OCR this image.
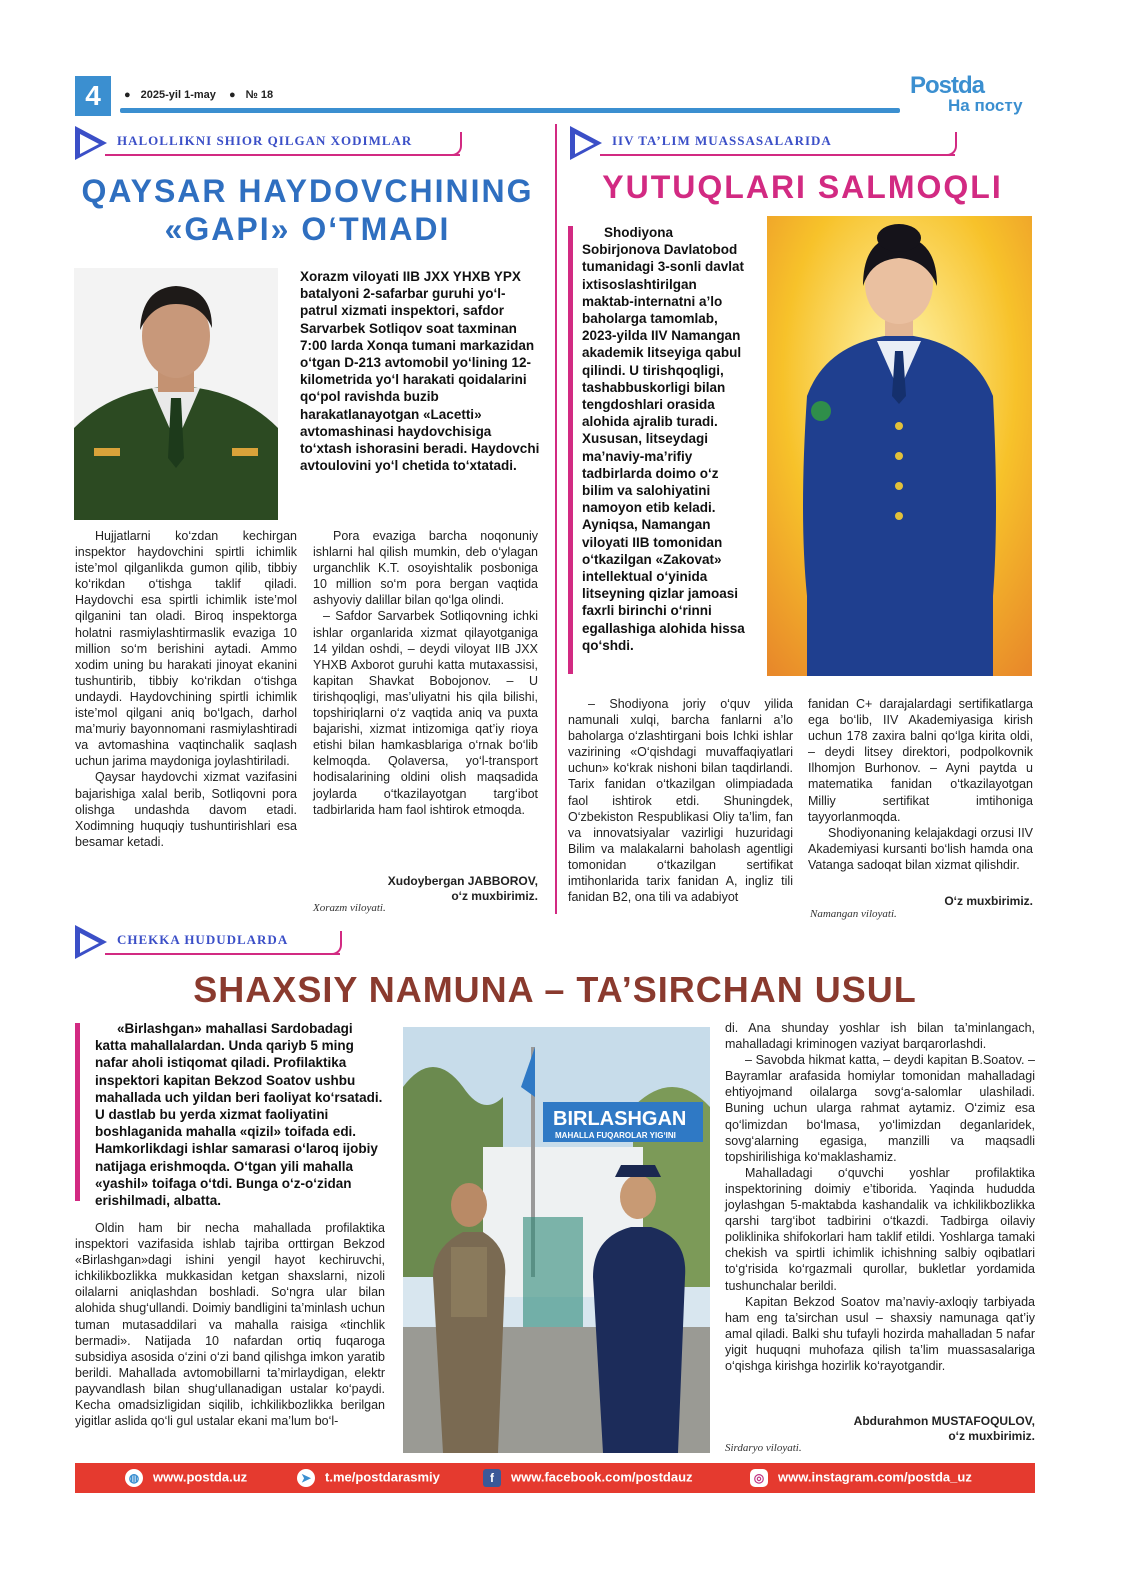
4	● 2025-yil 1-may ● № 18	Postda
На посту
HALOLLIKNI SHIOR QILGAN XODIMLAR
QAYSAR HAYDOVCHINING
«GAPI» O‘TMADI
Xorazm viloyati IIB JXX YHXB YPX batalyoni 2-safarbar guruhi yo‘l-patrul xizmati inspektori, safdor Sarvarbek Sotliqov soat taxminan 7:00 larda Xonqa tumani markazidan o‘tgan D-213 avtomobil yo‘lining 12-kilometrida yo‘l harakati qoidalarini qo‘pol ravishda buzib harakatlanayotgan «Lacetti» avtomashinasi haydovchisiga to‘xtash ishorasini beradi. Haydovchi avtoulovini yo‘l chetida to‘xtatadi.

Hujjatlarni ko‘zdan kechirgan inspektor haydovchini spirtli ichimlik iste’mol qilganlikda gumon qilib, tibbiy ko‘rikdan o‘tishga taklif qiladi. Haydovchi esa spirtli ichimlik iste’mol qilganini tan oladi. Biroq inspektorga holatni rasmiylashtirmaslik evaziga 10 million so‘m berishini aytadi. Ammo xodim uning bu harakati jinoyat ekanini tushuntirib, tibbiy ko‘rikdan o‘tishga undaydi. Haydovchining spirtli ichimlik iste’mol qilgani aniq bo‘lgach, darhol ma’muriy bayonnomani rasmiylashtiradi va avtomashina vaqtinchalik saqlash uchun jarima maydoniga joylashtiriladi.

Qaysar haydovchi xizmat vazifasini bajarishiga xalal berib, Sotliqovni pora olishga undashda davom etadi. Xodimning huquqiy tushuntirishlari esa besamar ketadi.

Pora evaziga barcha noqonuniy ishlarni hal qilish mumkin, deb o‘ylagan urganchlik K.T. osoyishtalik posboniga 10 million so‘m pora bergan vaqtida ashyoviy dalillar bilan qo‘lga olindi.

– Safdor Sarvarbek Sotliqovning ichki ishlar organlarida xizmat qilayotganiga 14 yildan oshdi, – deydi viloyat IIB JXX YHXB Axborot guruhi katta mutaxassisi, kapitan Shavkat Bobojonov. – U tirishqoqligi, mas’uliyatni his qila bilishi, topshiriqlarni o‘z vaqtida aniq va puxta bajarishi, xizmat intizomiga qat’iy rioya etishi bilan hamkasblariga o‘rnak bo‘lib kelmoqda. Qolaversa, yo‘l-transport hodisalarining oldini olish maqsadida joylarda o‘tkazilayotgan targ‘ibot tadbirlarida ham faol ishtirok etmoqda.

Xudoybergan JABBOROV,
o‘z muxbirimiz.
Xorazm viloyati.
IIV TA’LIM MUASSASALARIDA
YUTUQLARI SALMOQLI
Shodiyona Sobirjonova Davlatobod tumanidagi 3-sonli davlat ixtisoslashtirilgan maktab-internatni a’lo baholarga tamomlab, 2023-yilda IIV Namangan akademik litseyiga qabul qilindi. U tirishqoqligi, tashabbuskorligi bilan tengdoshlari orasida alohida ajralib turadi. Xususan, litseydagi ma’naviy-ma’rifiy tadbirlarda doimo o‘z bilim va salohiyatini namoyon etib keladi. Ayniqsa, Namangan viloyati IIB tomonidan o‘tkazilgan «Zakovat» intellektual o‘yinida litseyning qizlar jamoasi faxrli birinchi o‘rinni egallashiga alohida hissa qo‘shdi.

– Shodiyona joriy o‘quv yilida namunali xulqi, barcha fanlarni a’lo baholarga o‘zlashtirgani bois Ichki ishlar vazirining «O‘qishdagi muvaffaqiyatlari uchun» ko‘krak nishoni bilan taqdirlandi. Tarix fanidan o‘tkazilgan olimpiadada faol ishtirok etdi. Shuningdek, O‘zbekiston Respublikasi Oliy ta’lim, fan va innovatsiyalar vazirligi huzuridagi Bilim va malakalarni baholash agentligi tomonidan o‘tkazilgan sertifikat imtihonlarida tarix fanidan A, ingliz tili fanidan B2, ona tili va adabiyot

fanidan C+ darajalardagi sertifikatlarga ega bo‘lib, IIV Akademiyasiga kirish uchun 178 zaxira balni qo‘lga kirita oldi, – deydi litsey direktori, podpolkovnik Ilhomjon Burhonov. – Ayni paytda u matematika fanidan o‘tkazilayotgan Milliy sertifikat imtihoniga tayyorlanmoqda.

Shodiyonaning kelajakdagi orzusi IIV Akademiyasi kursanti bo‘lish hamda ona Vatanga sadoqat bilan xizmat qilishdir.

O‘z muxbirimiz.
Namangan viloyati.
CHEKKA HUDUDLARDA
SHAXSIY NAMUNA – TA’SIRCHAN USUL
«Birlashgan» mahallasi Sardobadagi katta mahallalardan. Unda qariyb 5 ming nafar aholi istiqomat qiladi. Profilaktika inspektori kapitan Bekzod Soatov ushbu mahallada uch yildan beri faoliyat ko‘rsatadi. U dastlab bu yerda xizmat faoliyatini boshlaganida mahalla «qizil» toifada edi. Hamkorlikdagi ishlar samarasi o‘laroq ijobiy natijaga erishmoqda. O‘tgan yili mahalla «yashil» toifaga o‘tdi. Bunga o‘z-o‘zidan erishilmadi, albatta.

Oldin ham bir necha mahallada profilaktika inspektori vazifasida ishlab tajriba orttirgan Bekzod «Birlashgan»dagi ishini yengil hayot kechiruvchi, ichkilikbozlikka mukkasidan ketgan shaxslarni, nizoli oilalarni aniqlashdan boshladi. So‘ngra ular bilan alohida shug‘ullandi. Doimiy bandligini ta’minlash uchun tuman mutasaddilari va mahalla raisiga «tinchlik bermadi». Natijada 10 nafardan ortiq fuqaroga subsidiya asosida o‘zini o‘zi band qilishga imkon yaratib berildi. Mahallada avtomobillarni ta’mirlaydigan, elektr payvandlash bilan shug‘ullanadigan ustalar ko‘paydi. Kecha omadsizligidan siqilib, ichkilikbozlikka berilgan yigitlar aslida qo‘li gul ustalar ekani ma’lum bo‘l-

BIRLASHGAN
MAHALLA FUQAROLAR YIG‘INI

di. Ana shunday yoshlar ish bilan ta’minlangach, mahalladagi kriminogen vaziyat barqarorlashdi.

– Savobda hikmat katta, – deydi kapitan B.Soatov. – Bayramlar arafasida homiylar tomonidan mahalladagi ehtiyojmand oilalarga sovg‘a-salomlar ulashiladi. Buning uchun ularga rahmat aytamiz. O‘zimiz esa qo‘limizdan bo‘lmasa, yo‘limizdan deganlaridek, sovg‘alarning egasiga, manzilli va maqsadli topshirilishiga ko‘maklashamiz.

Mahalladagi o‘quvchi yoshlar profilaktika inspektorining doimiy e’tiborida. Yaqinda hududda joylashgan 5-maktabda kashandalik va ichkilikbozlikka qarshi targ‘ibot tadbirini o‘tkazdi. Tadbirga oilaviy poliklinika shifokorlari ham taklif etildi. Yoshlarga tamaki chekish va spirtli ichimlik ichishning salbiy oqibatlari to‘g‘risida ko‘rgazmali qurollar, bukletlar yordamida tushunchalar berildi.

Kapitan Bekzod Soatov ma’naviy-axloqiy tarbiyada ham eng ta’sirchan usul – shaxsiy namunaga qat’iy amal qiladi. Balki shu tufayli hozirda mahalladan 5 nafar yigit huquqni muhofaza qilish ta’lim muassasalariga o‘qishga kirishga hozirlik ko‘rayotgandir.

Abdurahmon MUSTAFOQULOV,
o‘z muxbirimiz.
Sirdaryo viloyati.
◍ www.postda.uz	➤ t.me/postdarasmiy	f www.facebook.com/postdauz	◎ www.instagram.com/postda_uz
